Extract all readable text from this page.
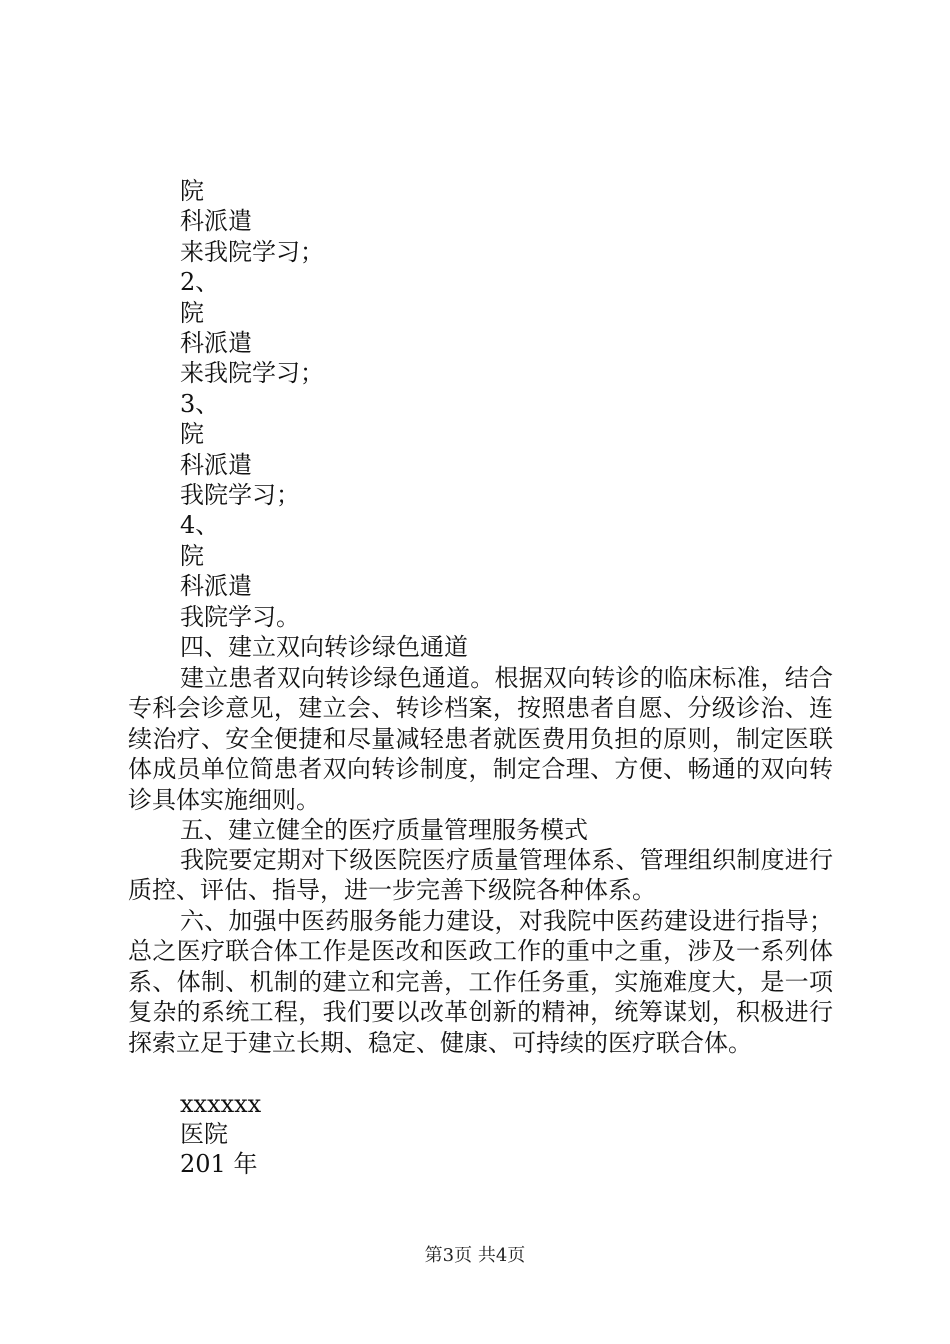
院
科派遣
来我院学习；
2、
院
科派遣
来我院学习；
3、
院
科派遣
我院学习；
4、
院
科派遣
我院学习。
四、建立双向转诊绿色通道

建立患者双向转诊绿色通道。根据双向转诊的临床标准，结合专科会诊意见，建立会、转诊档案，按照患者自愿、分级诊治、连续治疗、安全便捷和尽量减轻患者就医费用负担的原则，制定医联体成员单位简患者双向转诊制度，制定合理、方便、畅通的双向转诊具体实施细则。

五、建立健全的医疗质量管理服务模式

我院要定期对下级医院医疗质量管理体系、管理组织制度进行质控、评估、指导，进一步完善下级院各种体系。

六、加强中医药服务能力建设，对我院中医药建设进行指导；总之医疗联合体工作是医改和医政工作的重中之重，涉及一系列体系、体制、机制的建立和完善，工作任务重，实施难度大，是一项复杂的系统工程，我们要以改革创新的精神，统筹谋划，积极进行探索立足于建立长期、稳定、健康、可持续的医疗联合体。

xxxxxx
医院
201 年
第3页 共4页
